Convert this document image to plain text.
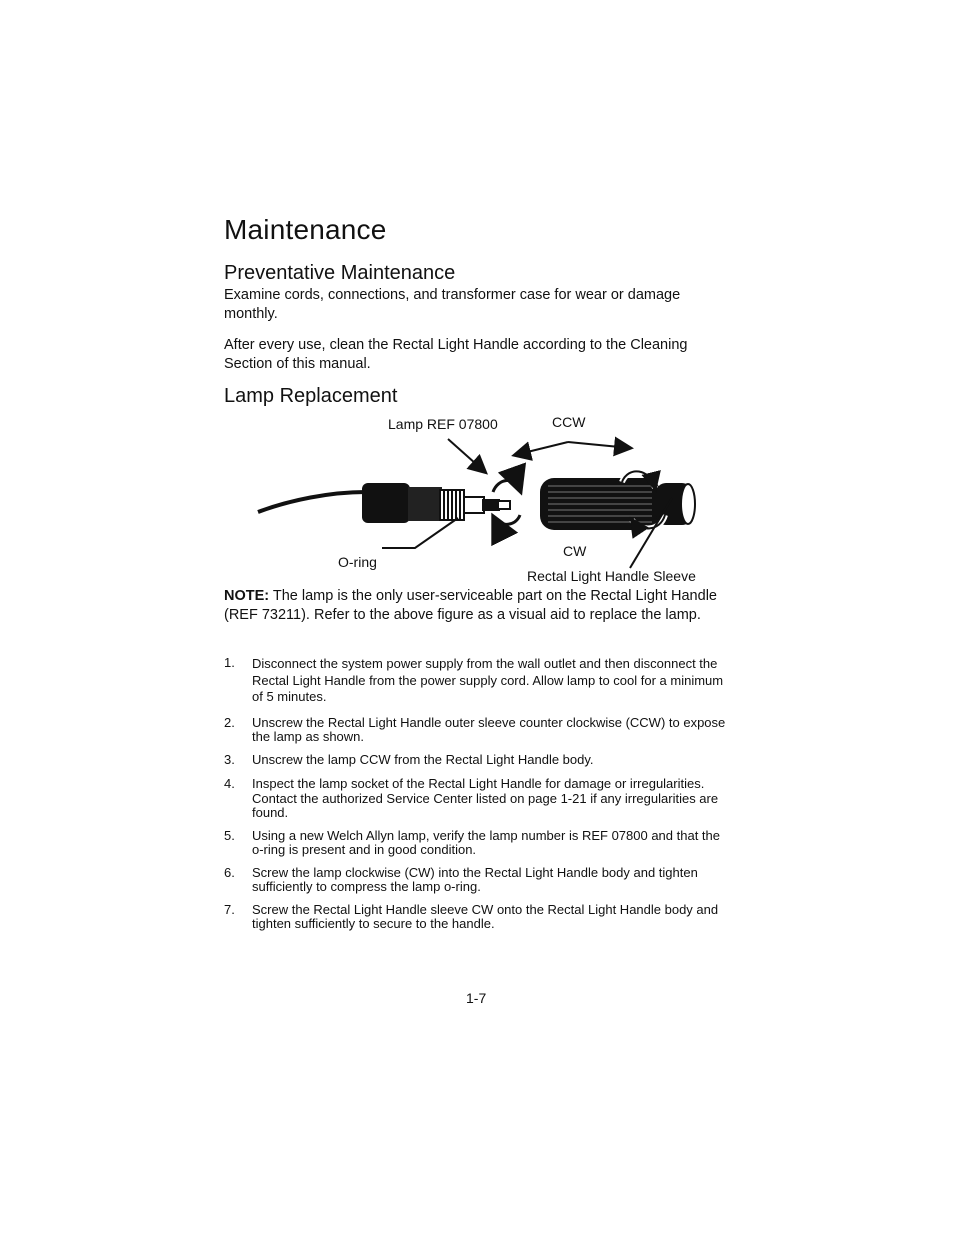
Maintenance
Preventative Maintenance

Examine cords, connections, and transformer case for wear or damage monthly.

After every use, clean the Rectal Light Handle according to the Cleaning Section of this manual.

Lamp Replacement
Lamp REF 07800	CCW
O-ring
CW
Rectal Light Handle Sleeve

NOTE: The lamp is the only user-serviceable part on the Rectal Light Handle (REF 73211). Refer to the above figure as a visual aid to replace the lamp.

1. Disconnect the system power supply from the wall outlet and then disconnect the Rectal Light Handle from the power supply cord. Allow lamp to cool for a minimum of 5 minutes.
2. Unscrew the Rectal Light Handle outer sleeve counter clockwise (CCW) to expose the lamp as shown.
3. Unscrew the lamp CCW from the Rectal Light Handle body.
4. Inspect the lamp socket of the Rectal Light Handle for damage or irregularities. Contact the authorized Service Center listed on page 1-21 if any irregularities are found.
5. Using a new Welch Allyn lamp, verify the lamp number is REF 07800 and that the o-ring is present and in good condition.
6. Screw the lamp clockwise (CW) into the Rectal Light Handle body and tighten sufficiently to compress the lamp o-ring.
7. Screw the Rectal Light Handle sleeve CW onto the Rectal Light Handle body and tighten sufficiently to secure to the handle.
1-7
